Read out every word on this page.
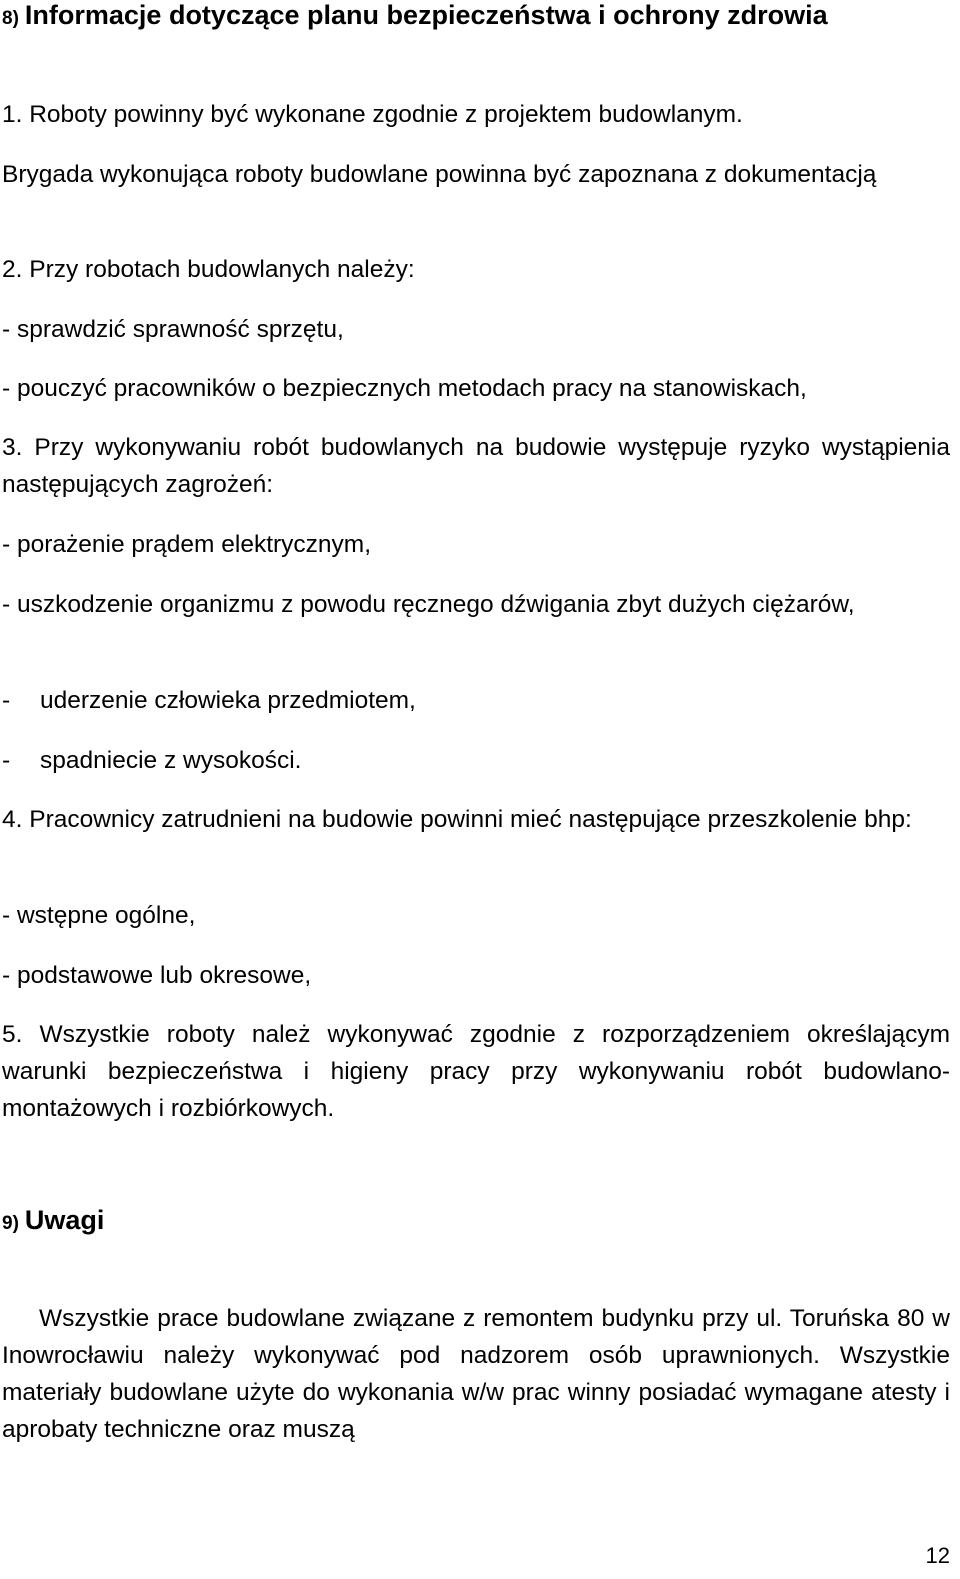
8) Informacje dotyczące planu bezpieczeństwa i ochrony zdrowia

1. Roboty powinny być wykonane zgodnie z projektem budowlanym.

Brygada wykonująca roboty budowlane powinna być zapoznana z dokumentacją

2. Przy robotach budowlanych należy:

- sprawdzić sprawność sprzętu,

- pouczyć pracowników o bezpiecznych metodach pracy na stanowiskach,

3. Przy wykonywaniu robót budowlanych na budowie występuje ryzyko wystąpienia następujących zagrożeń:

- porażenie prądem elektrycznym,

- uszkodzenie organizmu z powodu ręcznego dźwigania zbyt dużych ciężarów,

- uderzenie człowieka przedmiotem,
- spadniecie z wysokości.

4. Pracownicy zatrudnieni na budowie powinni mieć następujące przeszkolenie bhp:

- wstępne ogólne,

- podstawowe lub okresowe,

5. Wszystkie roboty należ wykonywać zgodnie z rozporządzeniem określającym warunki bezpieczeństwa i higieny pracy przy wykonywaniu robót budowlano-montażowych i rozbiórkowych.

9) Uwagi

Wszystkie prace budowlane związane z remontem budynku przy ul. Toruńska 80 w Inowrocławiu należy wykonywać pod nadzorem osób uprawnionych. Wszystkie materiały budowlane użyte do wykonania w/w prac winny posiadać wymagane atesty i aprobaty techniczne oraz muszą

12
